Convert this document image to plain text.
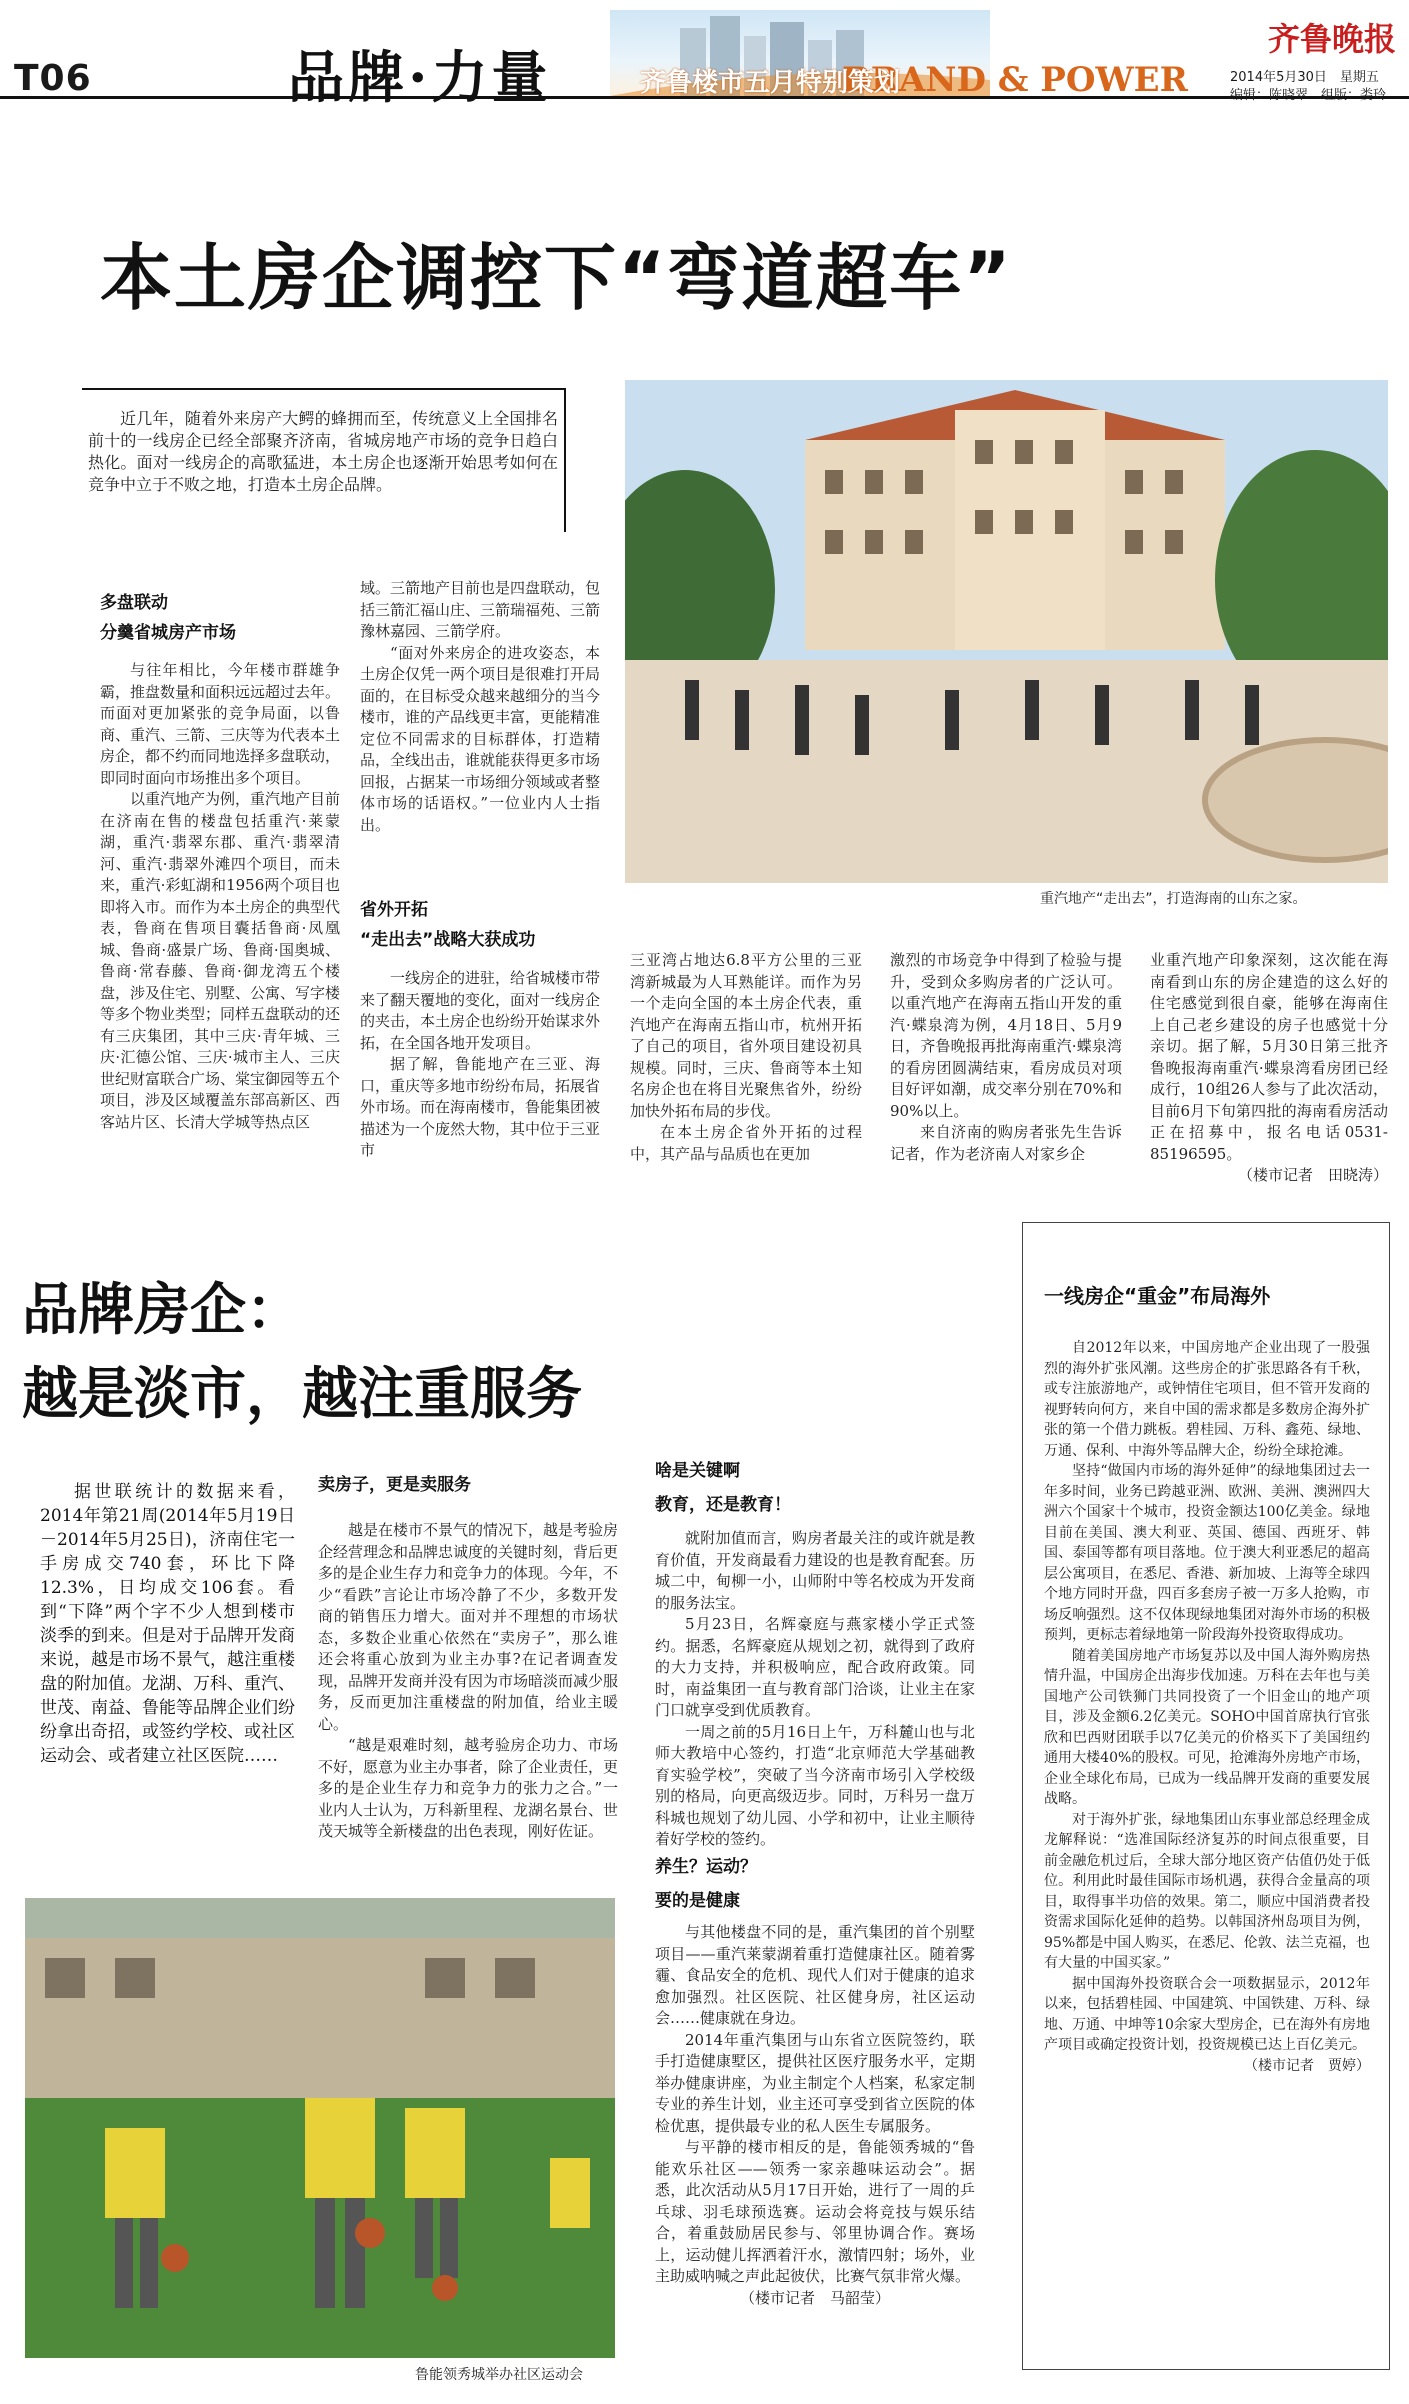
T06	品牌·力量	BRAND & POWER
齐鲁楼市五月特别策划
齐鲁晚报
2014年5月30日　星期五
编辑：陈晓翠　组版：娄玲
本土房企调控下“弯道超车”

近几年，随着外来房产大鳄的蜂拥而至，传统意义上全国排名前十的一线房企已经全部聚齐济南，省城房地产市场的竞争日趋白热化。面对一线房企的高歌猛进，本土房企也逐渐开始思考如何在竞争中立于不败之地，打造本土房企品牌。

重汽地产“走出去”，打造海南的山东之家。
多盘联动
分羹省城房产市场

与往年相比，今年楼市群雄争霸，推盘数量和面积远远超过去年。而面对更加紧张的竞争局面，以鲁商、重汽、三箭、三庆等为代表本土房企，都不约而同地选择多盘联动，即同时面向市场推出多个项目。

以重汽地产为例，重汽地产目前在济南在售的楼盘包括重汽·莱蒙湖，重汽·翡翠东郡、重汽·翡翠清河、重汽·翡翠外滩四个项目，而未来，重汽·彩虹湖和1956两个项目也即将入市。而作为本土房企的典型代表，鲁商在售项目囊括鲁商·凤凰城、鲁商·盛景广场、鲁商·国奥城、鲁商·常春藤、鲁商·御龙湾五个楼盘，涉及住宅、别墅、公寓、写字楼等多个物业类型；同样五盘联动的还有三庆集团，其中三庆·青年城、三庆·汇德公馆、三庆·城市主人、三庆世纪财富联合广场、棠宝御园等五个项目，涉及区域覆盖东部高新区、西客站片区、长清大学城等热点区

域。三箭地产目前也是四盘联动，包括三箭汇福山庄、三箭瑞福苑、三箭豫林嘉园、三箭学府。

“面对外来房企的进攻姿态，本土房企仅凭一两个项目是很难打开局面的，在目标受众越来越细分的当今楼市，谁的产品线更丰富，更能精准定位不同需求的目标群体，打造精品，全线出击，谁就能获得更多市场回报，占据某一市场细分领域或者整体市场的话语权。”一位业内人士指出。

省外开拓
“走出去”战略大获成功

一线房企的进驻，给省城楼市带来了翻天覆地的变化，面对一线房企的夹击，本土房企也纷纷开始谋求外拓，在全国各地开发项目。

据了解，鲁能地产在三亚、海口，重庆等多地市纷纷布局，拓展省外市场。而在海南楼市，鲁能集团被描述为一个庞然大物，其中位于三亚市

三亚湾占地达6.8平方公里的三亚湾新城最为人耳熟能详。而作为另一个走向全国的本土房企代表，重汽地产在海南五指山市，杭州开拓了自己的项目，省外项目建设初具规模。同时，三庆、鲁商等本土知名房企也在将目光聚焦省外，纷纷加快外拓布局的步伐。

在本土房企省外开拓的过程中，其产品与品质也在更加

激烈的市场竞争中得到了检验与提升，受到众多购房者的广泛认可。以重汽地产在海南五指山开发的重汽·蝶泉湾为例，4月18日、5月9日，齐鲁晚报再批海南重汽·蝶泉湾的看房团圆满结束，看房成员对项目好评如潮，成交率分别在70%和90%以上。

来自济南的购房者张先生告诉记者，作为老济南人对家乡企

业重汽地产印象深刻，这次能在海南看到山东的房企建造的这么好的住宅感觉到很自豪，能够在海南住上自己老乡建设的房子也感觉十分亲切。据了解，5月30日第三批齐鲁晚报海南重汽·蝶泉湾看房团已经成行，10组26人参与了此次活动，目前6月下旬第四批的海南看房活动正在招募中，报名电话0531-85196595。

（楼市记者　田晓涛）

品牌房企：
越是淡市，越注重服务

据世联统计的数据来看，2014年第21周(2014年5月19日－2014年5月25日)，济南住宅一手房成交740套，环比下降12.3%，日均成交106套。看到“下降”两个字不少人想到楼市淡季的到来。但是对于品牌开发商来说，越是市场不景气，越注重楼盘的附加值。龙湖、万科、重汽、世茂、南益、鲁能等品牌企业们纷纷拿出奇招，或签约学校、或社区运动会、或者建立社区医院……

卖房子，更是卖服务

越是在楼市不景气的情况下，越是考验房企经营理念和品牌忠诚度的关键时刻，背后更多的是企业生存力和竞争力的体现。今年，不少“看跌”言论让市场冷静了不少，多数开发商的销售压力增大。面对并不理想的市场状态，多数企业重心依然在“卖房子”，那么谁还会将重心放到为业主办事?在记者调查发现，品牌开发商并没有因为市场暗淡而减少服务，反而更加注重楼盘的附加值，给业主暖心。

“越是艰难时刻，越考验房企功力、市场不好，愿意为业主办事者，除了企业责任，更多的是企业生存力和竞争力的张力之合。”一业内人士认为，万科新里程、龙湖名景台、世茂天城等全新楼盘的出色表现，刚好佐证。

啥是关键啊
教育，还是教育！

就附加值而言，购房者最关注的或许就是教育价值，开发商最看力建设的也是教育配套。历城二中，甸柳一小，山师附中等名校成为开发商的服务法宝。

5月23日，名辉豪庭与燕家楼小学正式签约。据悉，名辉豪庭从规划之初，就得到了政府的大力支持，并积极响应，配合政府政策。同时，南益集团一直与教育部门洽谈，让业主在家门口就享受到优质教育。

一周之前的5月16日上午，万科麓山也与北师大教培中心签约，打造“北京师范大学基础教育实验学校”，突破了当今济南市场引入学校级别的格局，向更高级迈步。同时，万科另一盘万科城也规划了幼儿园、小学和初中，让业主顺待着好学校的签约。

养生？运动？
要的是健康

与其他楼盘不同的是，重汽集团的首个别墅项目——重汽莱蒙湖着重打造健康社区。随着雾霾、食品安全的危机、现代人们对于健康的追求愈加强烈。社区医院、社区健身房，社区运动会……健康就在身边。

2014年重汽集团与山东省立医院签约，联手打造健康墅区，提供社区医疗服务水平，定期举办健康讲座，为业主制定个人档案，私家定制专业的养生计划，业主还可享受到省立医院的体检优惠，提供最专业的私人医生专属服务。

与平静的楼市相反的是，鲁能领秀城的“鲁能欢乐社区——领秀一家亲趣味运动会”。据悉，此次活动从5月17日开始，进行了一周的乒乓球、羽毛球预选赛。运动会将竞技与娱乐结合，着重鼓励居民参与、邻里协调合作。赛场上，运动健儿挥洒着汗水，激情四射；场外，业主助威呐喊之声此起彼伏，比赛气氛非常火爆。

（楼市记者　马韶莹）

鲁能领秀城举办社区运动会
一线房企“重金”布局海外

自2012年以来，中国房地产企业出现了一股强烈的海外扩张风潮。这些房企的扩张思路各有千秋，或专注旅游地产，或钟情住宅项目，但不管开发商的视野转向何方，来自中国的需求都是多数房企海外扩张的第一个借力跳板。碧桂园、万科、鑫苑、绿地、万通、保利、中海外等品牌大企，纷纷全球抢滩。

坚持“做国内市场的海外延伸”的绿地集团过去一年多时间，业务已跨越亚洲、欧洲、美洲、澳洲四大洲六个国家十个城市，投资金额达100亿美金。绿地目前在美国、澳大利亚、英国、德国、西班牙、韩国、泰国等都有项目落地。位于澳大利亚悉尼的超高层公寓项目，在悉尼、香港、新加坡、上海等全球四个地方同时开盘，四百多套房子被一万多人抢购，市场反响强烈。这不仅体现绿地集团对海外市场的积极预判，更标志着绿地第一阶段海外投资取得成功。

随着美国房地产市场复苏以及中国人海外购房热情升温，中国房企出海步伐加速。万科在去年也与美国地产公司铁狮门共同投资了一个旧金山的地产项目，涉及金额6.2亿美元。SOHO中国首席执行官张欣和巴西财团联手以7亿美元的价格买下了美国纽约通用大楼40%的股权。可见，抢滩海外房地产市场，企业全球化布局，已成为一线品牌开发商的重要发展战略。

对于海外扩张，绿地集团山东事业部总经理金成龙解释说：“选准国际经济复苏的时间点很重要，目前金融危机过后，全球大部分地区资产估值仍处于低位。利用此时最佳国际市场机遇，获得合金量高的项目，取得事半功倍的效果。第二，顺应中国消费者投资需求国际化延伸的趋势。以韩国济州岛项目为例，95%都是中国人购买，在悉尼、伦敦、法兰克福，也有大量的中国买家。”

据中国海外投资联合会一项数据显示，2012年以来，包括碧桂园、中国建筑、中国铁建、万科、绿地、万通、中坤等10余家大型房企，已在海外有房地产项目或确定投资计划，投资规模已达上百亿美元。

（楼市记者　贾婷）
